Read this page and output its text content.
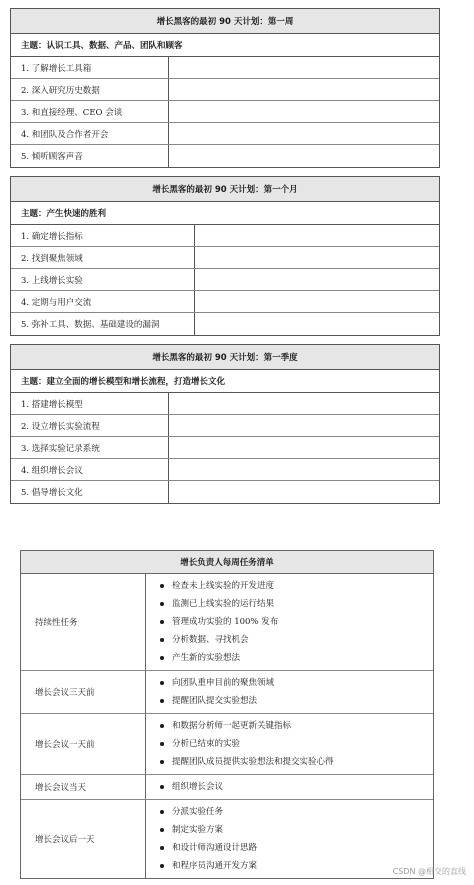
增长黑客的最初 90 天计划：第一周
主题：认识工具、数据、产品、团队和顾客
1. 了解增长工具箱
2. 深入研究历史数据
3. 和直接经理、CEO 会谈
4. 和团队及合作者开会
5. 倾听顾客声音
增长黑客的最初 90 天计划：第一个月
主题：产生快速的胜利
1. 确定增长指标
2. 找到聚焦领域
3. 上线增长实验
4. 定期与用户交流
5. 弥补工具、数据、基础建设的漏洞
增长黑客的最初 90 天计划：第一季度
主题：建立全面的增长模型和增长流程，打造增长文化
1. 搭建增长模型
2. 设立增长实验流程
3. 选择实验记录系统
4. 组织增长会议
5. 倡导增长文化
增长负责人每周任务清单
持续性任务
检查未上线实验的开发进度
监测已上线实验的运行结果
管理成功实验的 100% 发布
分析数据、寻找机会
产生新的实验想法
增长会议三天前
向团队重申目前的聚焦领域
提醒团队提交实验想法
增长会议一天前
和数据分析师一起更新关键指标
分析已结束的实验
提醒团队成员提供实验想法和提交实验心得
增长会议当天	组织增长会议
增长会议后一天
分派实验任务
制定实验方案
和设计师沟通设计思路
和程序员沟通开发方案
CSDN @相交的直线
